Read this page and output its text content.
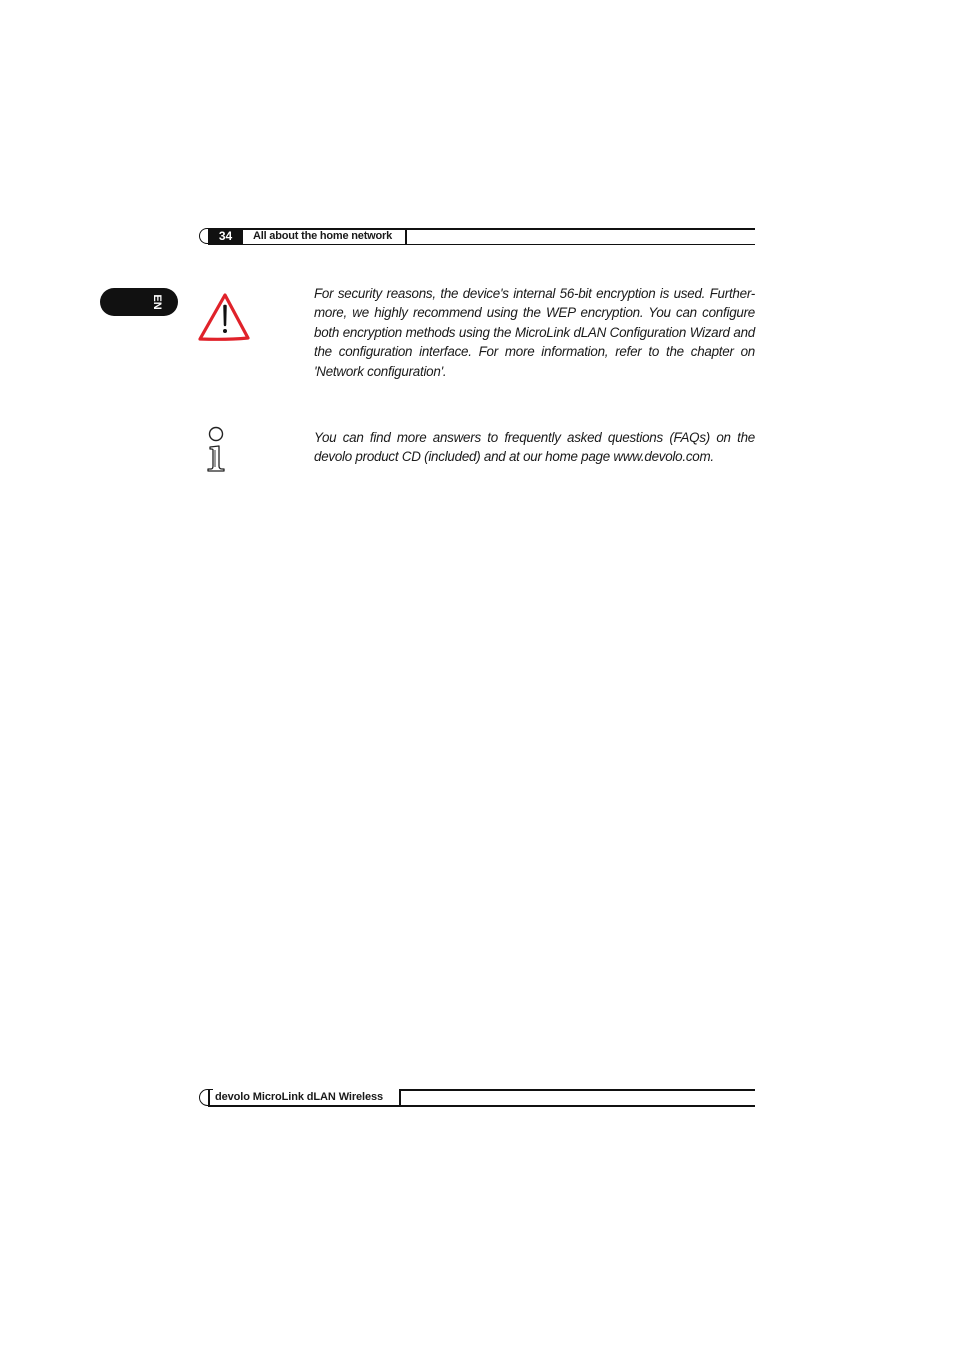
34	All about the home network
EN
For security reasons, the device's internal 56-bit encryption is used. Further-more, we highly recommend using the WEP encryption. You can configure both encryption methods using the MicroLink dLAN Configuration Wizard and the configuration interface. For more information, refer to the chapter on 'Network configuration'.
You can find more answers to frequently asked questions (FAQs) on the devolo product CD (included) and at our home page www.devolo.com.
devolo MicroLink dLAN Wireless
